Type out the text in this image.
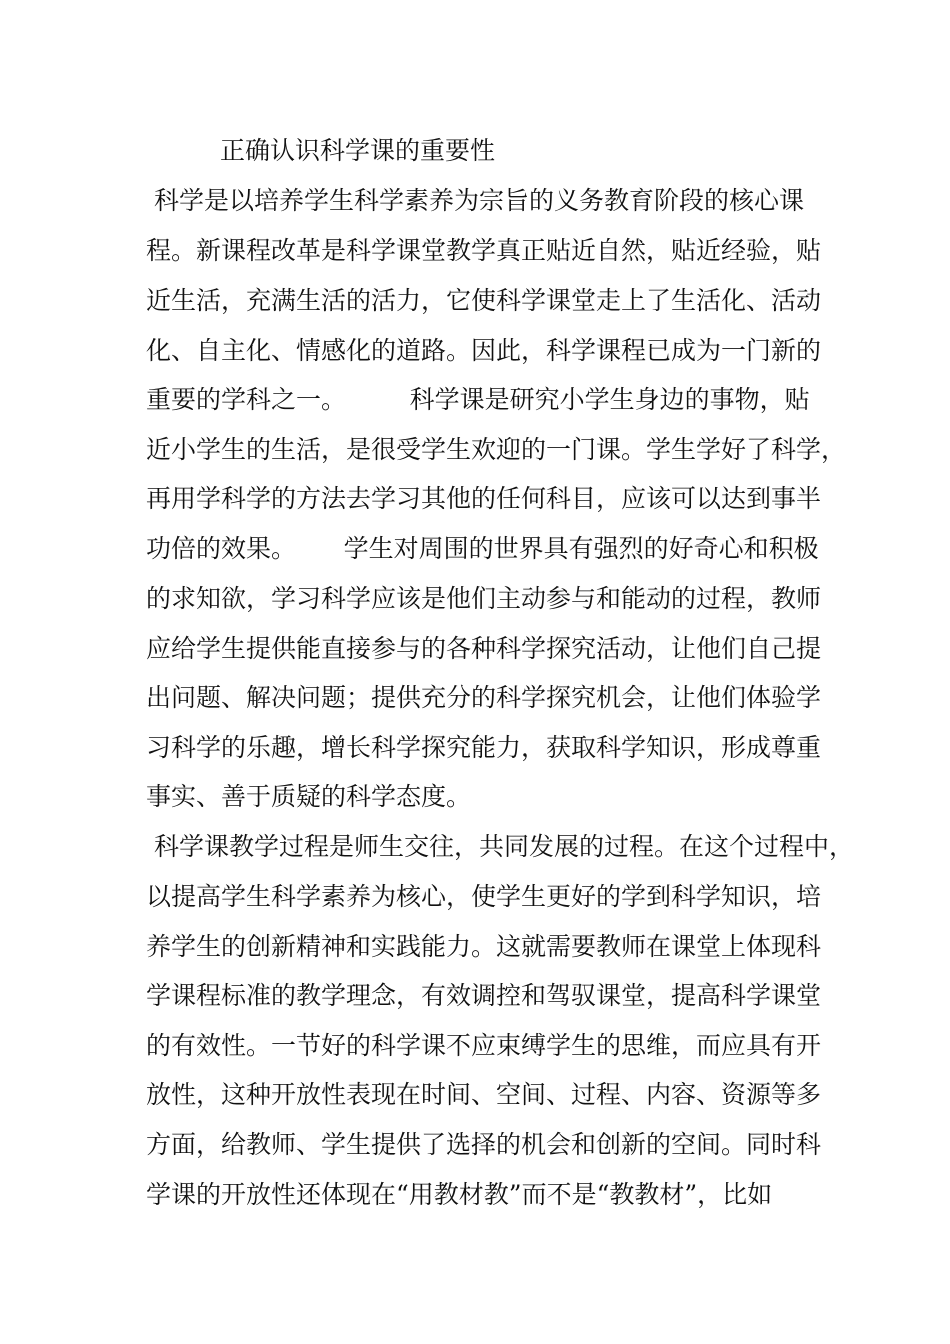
正确认识科学课的重要性
科学是以培养学生科学素养为宗旨的义务教育阶段的核心课
程。新课程改革是科学课堂教学真正贴近自然，贴近经验，贴
近生活，充满生活的活力，它使科学课堂走上了生活化、活动
化、自主化、情感化的道路。因此，科学课程已成为一门新的
重要的学科之一。        科学课是研究小学生身边的事物，贴
近小学生的生活，是很受学生欢迎的一门课。学生学好了科学，
再用学科学的方法去学习其他的任何科目，应该可以达到事半
功倍的效果。      学生对周围的世界具有强烈的好奇心和积极
的求知欲，学习科学应该是他们主动参与和能动的过程，教师
应给学生提供能直接参与的各种科学探究活动，让他们自己提
出问题、解决问题；提供充分的科学探究机会，让他们体验学
习科学的乐趣，增长科学探究能力，获取科学知识，形成尊重
事实、善于质疑的科学态度。
科学课教学过程是师生交往，共同发展的过程。在这个过程中，
以提高学生科学素养为核心，使学生更好的学到科学知识，培
养学生的创新精神和实践能力。这就需要教师在课堂上体现科
学课程标准的教学理念，有效调控和驾驭课堂，提高科学课堂
的有效性。一节好的科学课不应束缚学生的思维，而应具有开
放性，这种开放性表现在时间、空间、过程、内容、资源等多
方面，给教师、学生提供了选择的机会和创新的空间。同时科
学课的开放性还体现在“用教材教”而不是“教教材”，比如
